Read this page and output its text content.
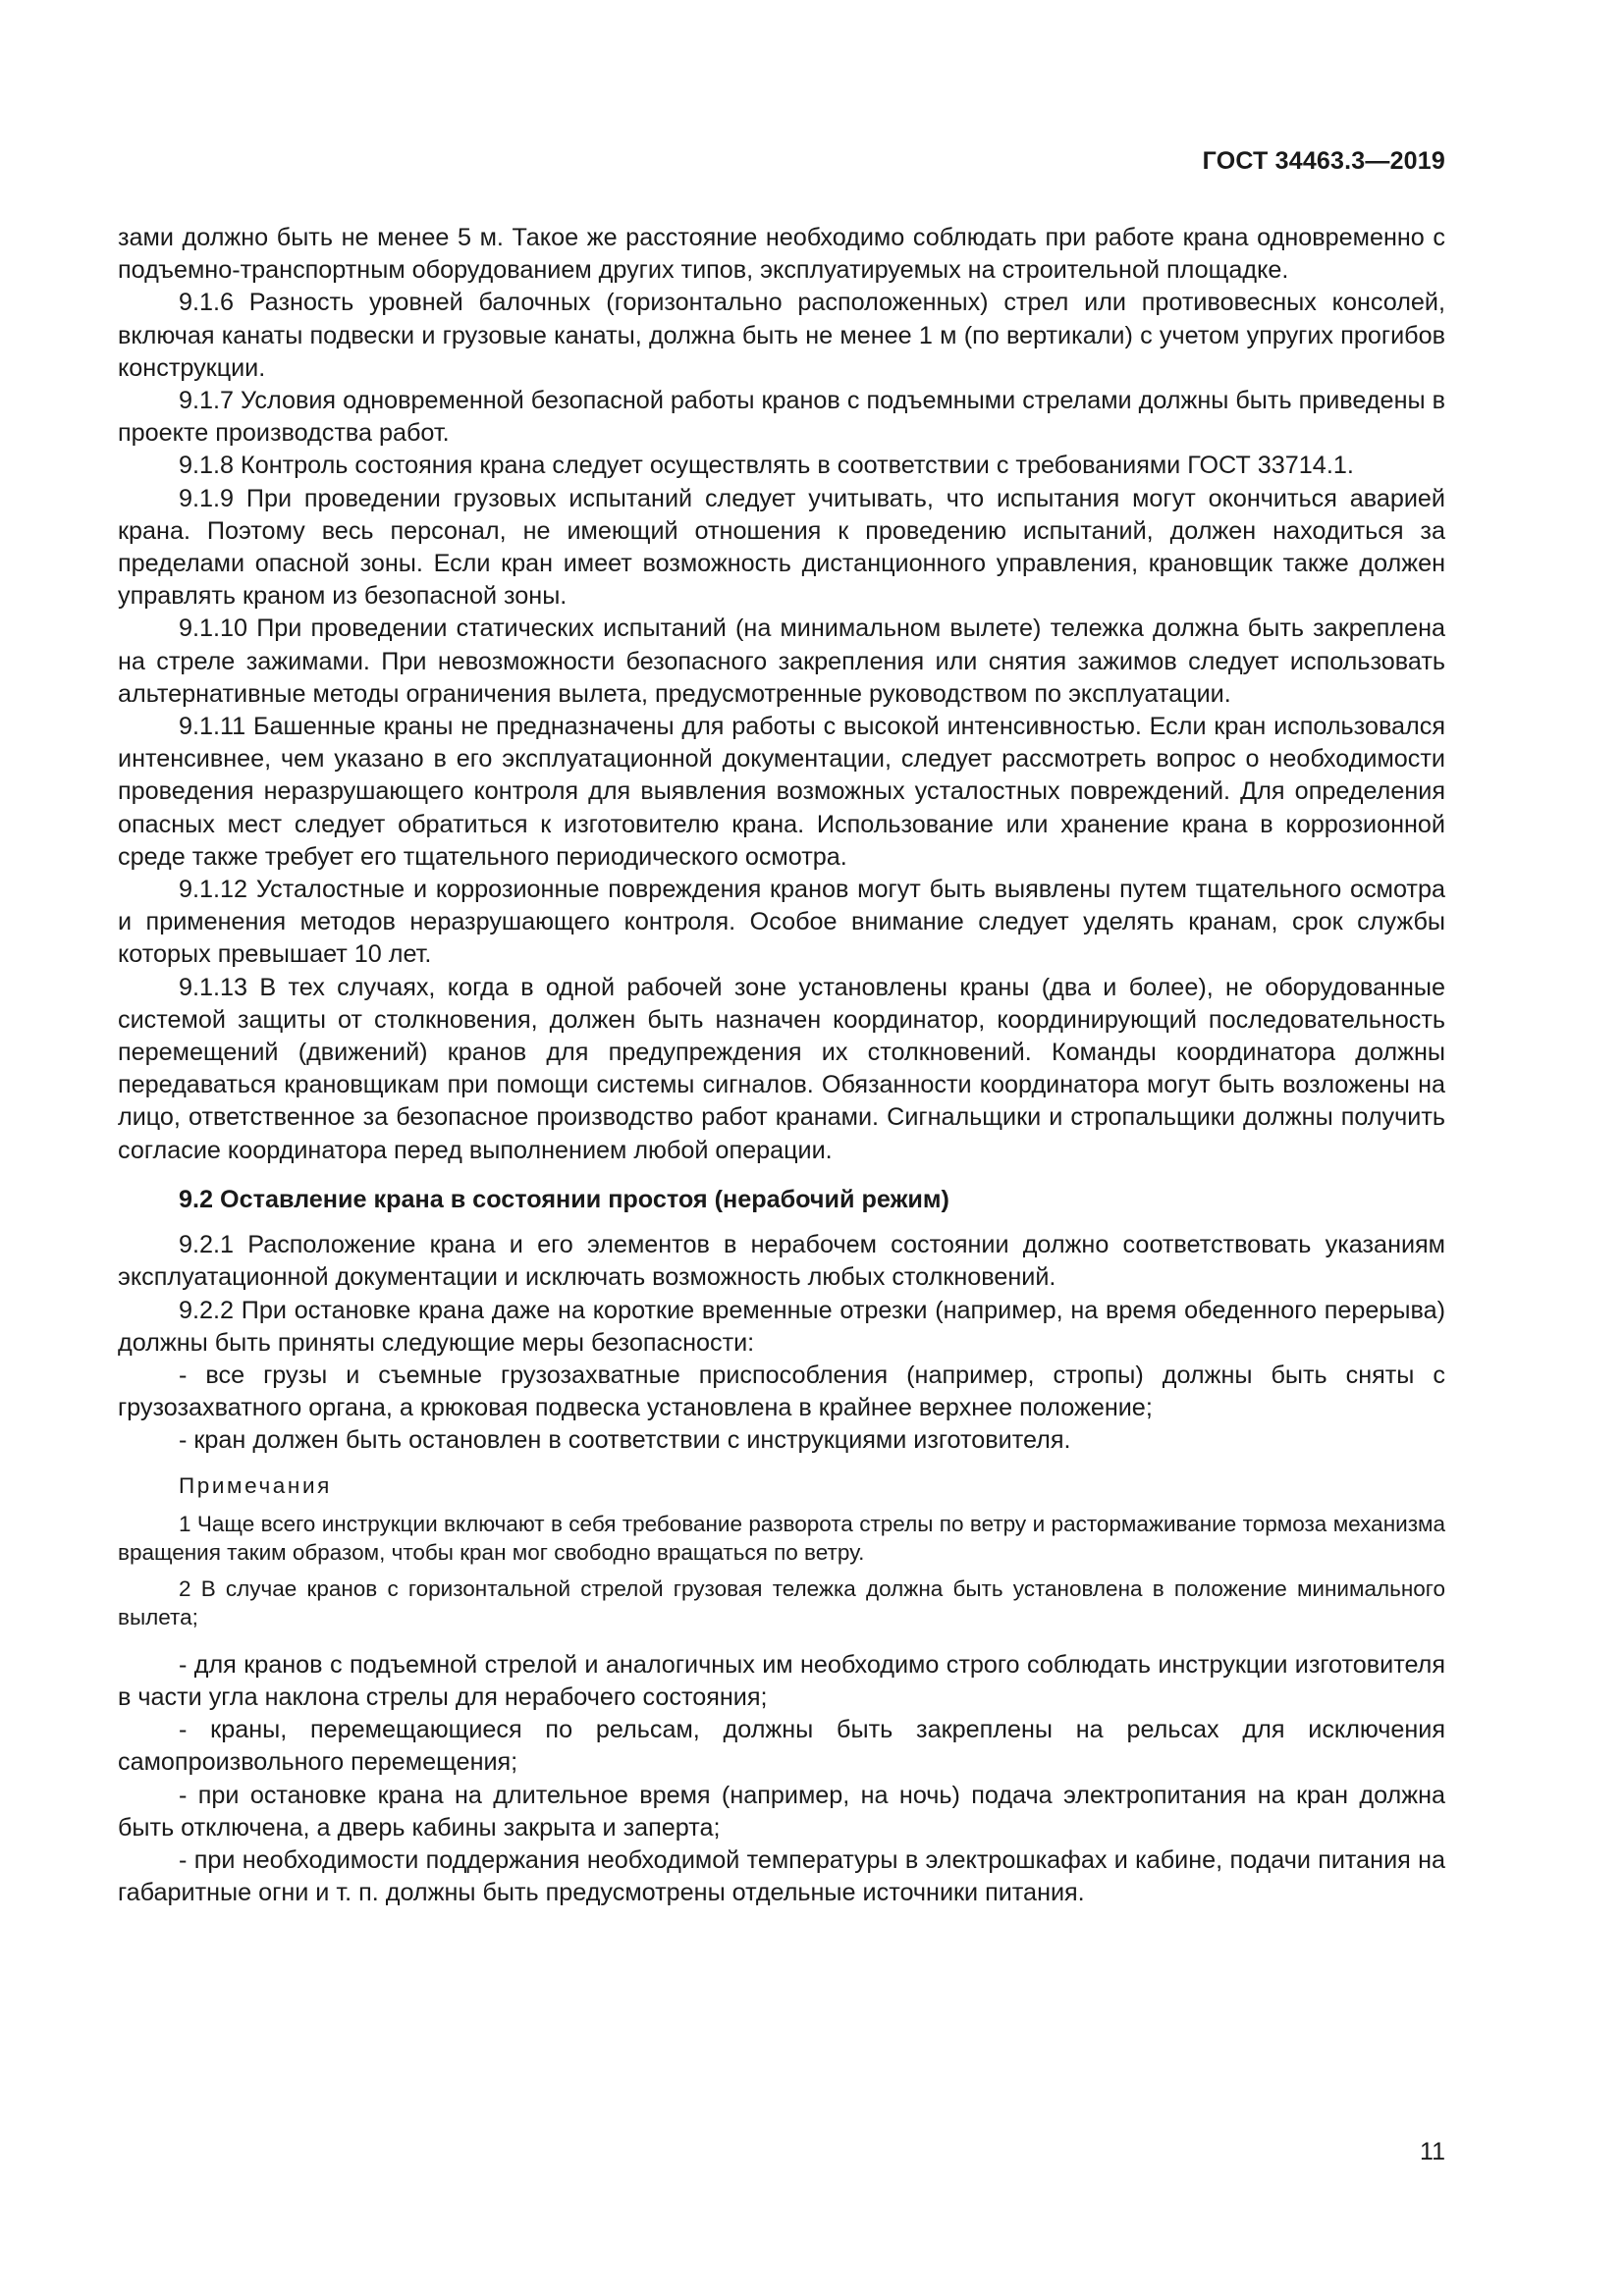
ГОСТ 34463.3—2019

зами должно быть не менее 5 м. Такое же расстояние необходимо соблюдать при работе крана одновременно с подъемно-транспортным оборудованием других типов, эксплуатируемых на строительной площадке.

9.1.6 Разность уровней балочных (горизонтально расположенных) стрел или противовесных консолей, включая канаты подвески и грузовые канаты, должна быть не менее 1 м (по вертикали) с учетом упругих прогибов конструкции.

9.1.7 Условия одновременной безопасной работы кранов с подъемными стрелами должны быть приведены в проекте производства работ.

9.1.8 Контроль состояния крана следует осуществлять в соответствии с требованиями ГОСТ 33714.1.

9.1.9 При проведении грузовых испытаний следует учитывать, что испытания могут окончиться аварией крана. Поэтому весь персонал, не имеющий отношения к проведению испытаний, должен находиться за пределами опасной зоны. Если кран имеет возможность дистанционного управления, крановщик также должен управлять краном из безопасной зоны.

9.1.10 При проведении статических испытаний (на минимальном вылете) тележка должна быть закреплена на стреле зажимами. При невозможности безопасного закрепления или снятия зажимов следует использовать альтернативные методы ограничения вылета, предусмотренные руководством по эксплуатации.

9.1.11 Башенные краны не предназначены для работы с высокой интенсивностью. Если кран использовался интенсивнее, чем указано в его эксплуатационной документации, следует рассмотреть вопрос о необходимости проведения неразрушающего контроля для выявления возможных усталостных повреждений. Для определения опасных мест следует обратиться к изготовителю крана. Использование или хранение крана в коррозионной среде также требует его тщательного периодического осмотра.

9.1.12 Усталостные и коррозионные повреждения кранов могут быть выявлены путем тщательного осмотра и применения методов неразрушающего контроля. Особое внимание следует уделять кранам, срок службы которых превышает 10 лет.

9.1.13 В тех случаях, когда в одной рабочей зоне установлены краны (два и более), не оборудованные системой защиты от столкновения, должен быть назначен координатор, координирующий последовательность перемещений (движений) кранов для предупреждения их столкновений. Команды координатора должны передаваться крановщикам при помощи системы сигналов. Обязанности координатора могут быть возложены на лицо, ответственное за безопасное производство работ кранами. Сигнальщики и стропальщики должны получить согласие координатора перед выполнением любой операции.

9.2 Оставление крана в состоянии простоя (нерабочий режим)

9.2.1 Расположение крана и его элементов в нерабочем состоянии должно соответствовать указаниям эксплуатационной документации и исключать возможность любых столкновений.

9.2.2 При остановке крана даже на короткие временные отрезки (например, на время обеденного перерыва) должны быть приняты следующие меры безопасности:

- все грузы и съемные грузозахватные приспособления (например, стропы) должны быть сняты с грузозахватного органа, а крюковая подвеска установлена в крайнее верхнее положение;

- кран должен быть остановлен в соответствии с инструкциями изготовителя.

Примечания

1 Чаще всего инструкции включают в себя требование разворота стрелы по ветру и растормаживание тормоза механизма вращения таким образом, чтобы кран мог свободно вращаться по ветру.

2 В случае кранов с горизонтальной стрелой грузовая тележка должна быть установлена в положение минимального вылета;

- для кранов с подъемной стрелой и аналогичных им необходимо строго соблюдать инструкции изготовителя в части угла наклона стрелы для нерабочего состояния;

- краны, перемещающиеся по рельсам, должны быть закреплены на рельсах для исключения самопроизвольного перемещения;

- при остановке крана на длительное время (например, на ночь) подача электропитания на кран должна быть отключена, а дверь кабины закрыта и заперта;

- при необходимости поддержания необходимой температуры в электрошкафах и кабине, подачи питания на габаритные огни и т. п. должны быть предусмотрены отдельные источники питания.

11
